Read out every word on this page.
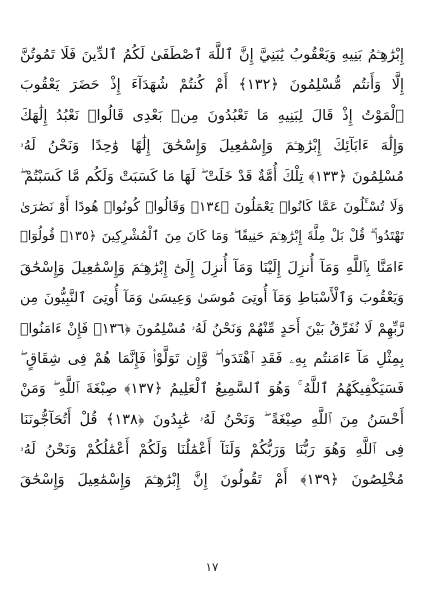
إِبْرَٰهِـۧمُ بَنِيهِ وَيَعْقُوبُ يَٰبَنِيَّ إِنَّ ٱللَّهَ ٱصْطَفَىٰ لَكُمُ ٱلدِّينَ فَلَا تَمُوتُنَّ
إِلَّا وَأَنتُم مُّسْلِمُونَ ﴿١٣٢﴾ أَمْ كُنتُمْ شُهَدَآءَ إِذْ حَضَرَ يَعْقُوبَ
ٱلْمَوْتُ إِذْ قَالَ لِبَنِيهِ مَا تَعْبُدُونَ مِنۢ بَعْدِى قَالُوا۟ نَعْبُدُ إِلَٰهَكَ
وَإِلَٰهَ ءَابَآئِكَ إِبْرَٰهِـۧمَ وَإِسْمَٰعِيلَ وَإِسْحَٰقَ إِلَٰهًا وَٰحِدًا وَنَحْنُ لَهُۥ
مُسْلِمُونَ ﴿١٣٣﴾ تِلْكَ أُمَّةٌ قَدْ خَلَتْ ۖ لَهَا مَا كَسَبَتْ وَلَكُم مَّا كَسَبْتُمْ ۖ
وَلَا تُسْـَٔلُونَ عَمَّا كَانُوا۟ يَعْمَلُونَ ﴿١٣٤﴾ وَقَالُوا۟ كُونُوا۟ هُودًا أَوْ نَصَٰرَىٰ
تَهْتَدُوا۟ ۗ قُلْ بَلْ مِلَّةَ إِبْرَٰهِـۧمَ حَنِيفًا ۖ وَمَا كَانَ مِنَ ٱلْمُشْرِكِينَ ﴿١٣٥﴾ قُولُوٓا۟
ءَامَنَّا بِٱللَّهِ وَمَآ أُنزِلَ إِلَيْنَا وَمَآ أُنزِلَ إِلَىٰٓ إِبْرَٰهِـۧمَ وَإِسْمَٰعِيلَ وَإِسْحَٰقَ
وَيَعْقُوبَ وَٱلْأَسْبَاطِ وَمَآ أُوتِىَ مُوسَىٰ وَعِيسَىٰ وَمَآ أُوتِىَ ٱلنَّبِيُّونَ مِن
رَّبِّهِمْ لَا نُفَرِّقُ بَيْنَ أَحَدٍ مِّنْهُمْ وَنَحْنُ لَهُۥ مُسْلِمُونَ ﴿١٣٦﴾ فَإِنْ ءَامَنُوا۟
بِمِثْلِ مَآ ءَامَنتُم بِهِۦ فَقَدِ ٱهْتَدَوا۟ ۖ وَّإِن تَوَلَّوْا۟ فَإِنَّمَا هُمْ فِى شِقَاقٍ ۖ
فَسَيَكْفِيكَهُمُ ٱللَّهُ ۚ وَهُوَ ٱلسَّمِيعُ ٱلْعَلِيمُ ﴿١٣٧﴾ صِبْغَةَ ٱللَّهِ ۖ وَمَنْ
أَحْسَنُ مِنَ ٱللَّهِ صِبْغَةً ۖ وَنَحْنُ لَهُۥ عَٰبِدُونَ ﴿١٣٨﴾ قُلْ أَتُحَآجُّونَنَا
فِى ٱللَّهِ وَهُوَ رَبُّنَا وَرَبُّكُمْ وَلَنَآ أَعْمَٰلُنَا وَلَكُمْ أَعْمَٰلُكُمْ وَنَحْنُ لَهُۥ
مُخْلِصُونَ ﴿١٣٩﴾ أَمْ تَقُولُونَ إِنَّ إِبْرَٰهِـۧمَ وَإِسْمَٰعِيلَ وَإِسْحَٰقَ
١٧
